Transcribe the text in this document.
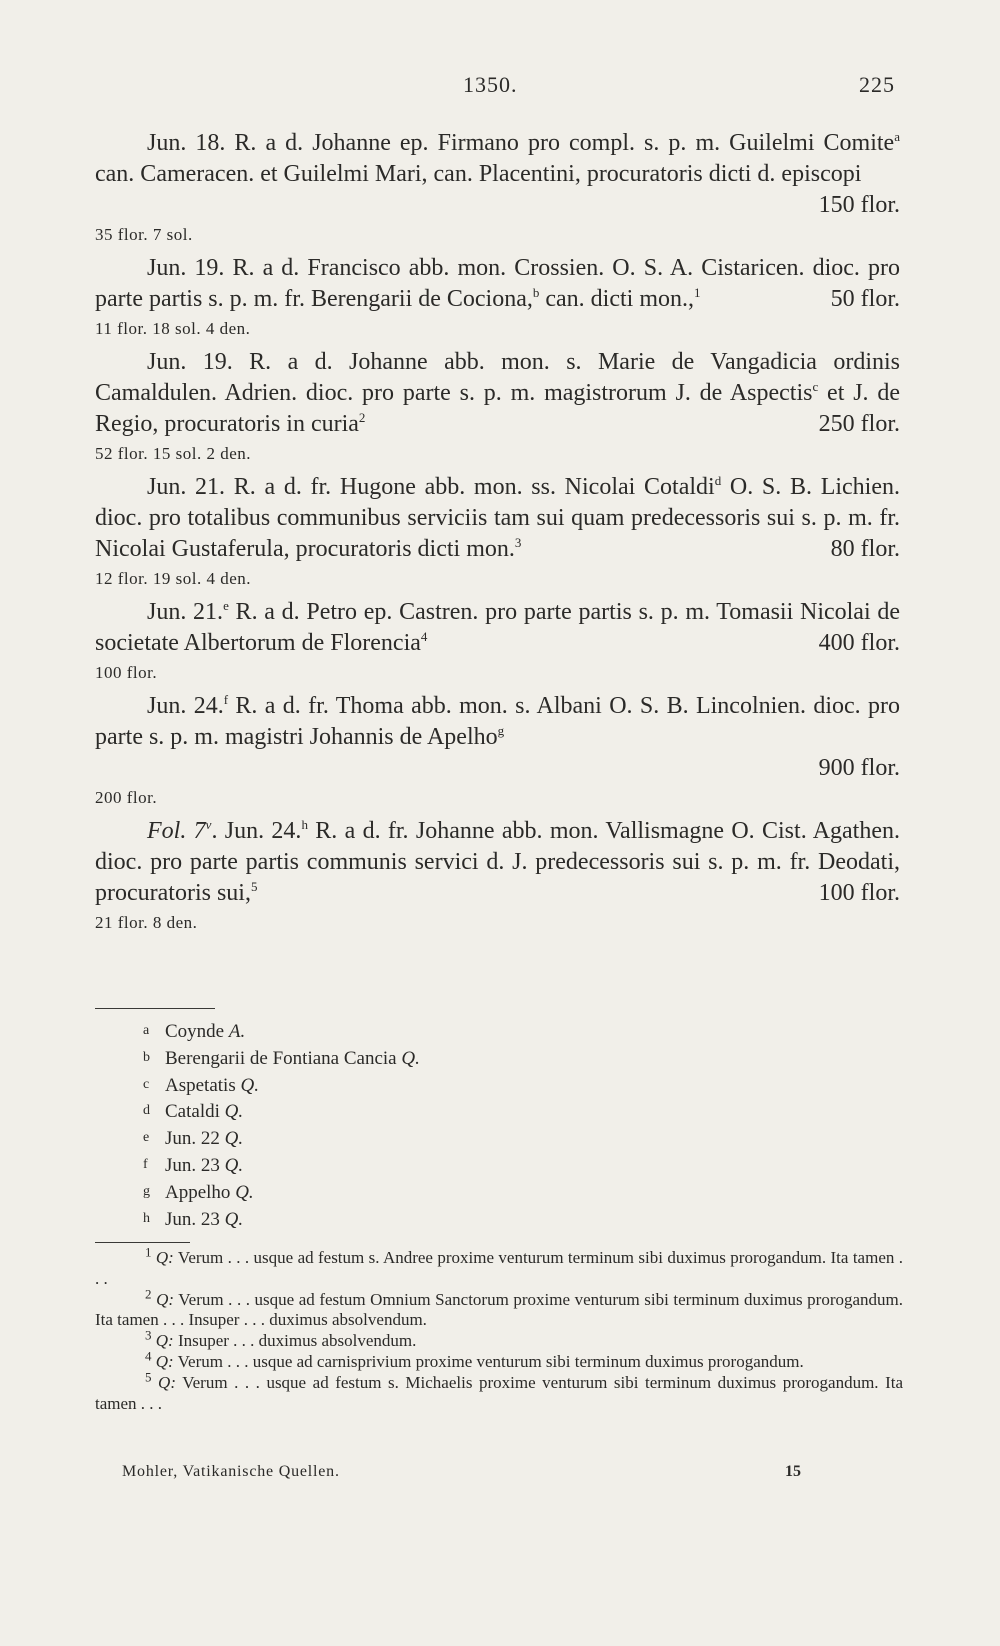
1350.	225

Jun. 18. R. a d. Johanne ep. Firmano pro compl. s. p. m. Guilelmi Comite$^a$ can. Cameracen. et Guilelmi Mari, can. Placentini, procuratoris dicti d. episcopi

150 flor.

35 flor. 7 sol.

Jun. 19. R. a d. Francisco abb. mon. Crossien. O. S. A. Cistaricen. dioc. pro parte partis s. p. m. fr. Berengarii de Cociona,$^b$ can. dicti mon.,$^1$	50 flor.

11 flor. 18 sol. 4 den.

Jun. 19. R. a d. Johanne abb. mon. s. Marie de Vangadicia ordinis Camaldulen. Adrien. dioc. pro parte s. p. m. magistrorum J. de Aspectis$^c$ et J. de Regio, procuratoris in curia$^2$	250 flor.

52 flor. 15 sol. 2 den.

Jun. 21. R. a d. fr. Hugone abb. mon. ss. Nicolai Cotaldi$^d$ O. S. B. Lichien. dioc. pro totalibus communibus serviciis tam sui quam predecessoris sui s. p. m. fr. Nicolai Gustaferula, procuratoris dicti mon.$^3$	80 flor.

12 flor. 19 sol. 4 den.

Jun. 21.$^e$ R. a d. Petro ep. Castren. pro parte partis s. p. m. Tomasii Nicolai de societate Albertorum de Florencia$^4$	400 flor.

100 flor.

Jun. 24.$^f$ R. a d. fr. Thoma abb. mon. s. Albani O. S. B. Lincolnien. dioc. pro parte s. p. m. magistri Johannis de Apelho$^g$

900 flor.

200 flor.

Fol. 7$^v$. Jun. 24.$^h$ R. a d. fr. Johanne abb. mon. Vallismagne O. Cist. Agathen. dioc. pro parte partis communis servici d. J. predecessoris sui s. p. m. fr. Deodati, procuratoris sui,$^5$	100 flor.

21 flor. 8 den.
a Coynde A.
b Berengarii de Fontiana Cancia Q.
c Aspetatis Q.
d Cataldi Q.
e Jun. 22 Q.
f Jun. 23 Q.
g Appelho Q.
h Jun. 23 Q.

$^1$ Q: Verum . . . usque ad festum s. Andree proxime venturum terminum sibi duximus prorogandum. Ita tamen . . .

$^2$ Q: Verum . . . usque ad festum Omnium Sanctorum proxime venturum sibi terminum duximus prorogandum. Ita tamen . . . Insuper . . . duximus absolvendum.

$^3$ Q: Insuper . . . duximus absolvendum.

$^4$ Q: Verum . . . usque ad carnisprivium proxime venturum sibi terminum duximus prorogandum.

$^5$ Q: Verum . . . usque ad festum s. Michaelis proxime venturum sibi terminum duximus prorogandum. Ita tamen . . .

Mohler, Vatikanische Quellen.	15
